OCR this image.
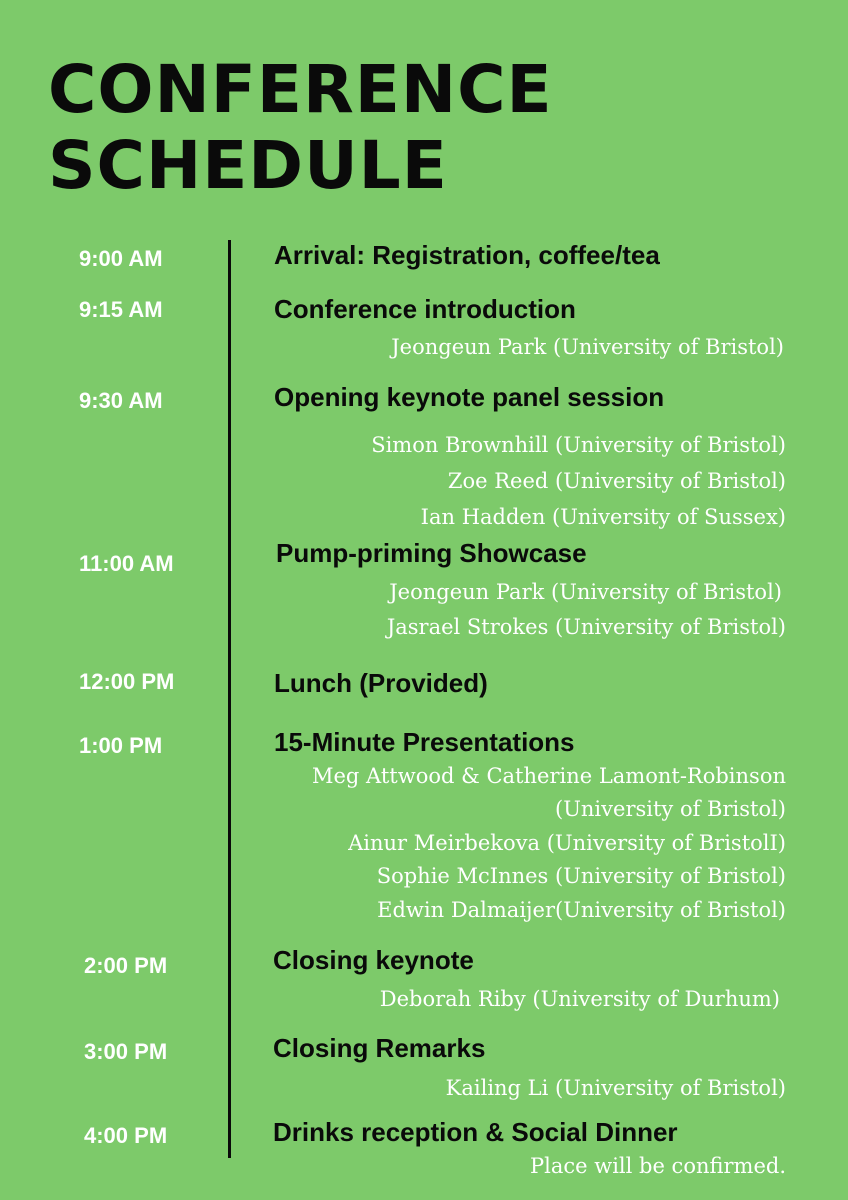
CONFERENCE
SCHEDULE
9:00 AM	Arrival: Registration, coffee/tea
9:15 AM	Conference introduction
Jeongeun Park (University of Bristol)
9:30 AM	Opening keynote panel session
Simon Brownhill (University of Bristol)
Zoe Reed (University of Bristol)
Ian Hadden (University of Sussex)
11:00 AM	Pump-priming Showcase
Jeongeun Park (University of Bristol)
Jasrael Strokes (University of Bristol)
12:00 PM	Lunch (Provided)
1:00 PM	15-Minute Presentations
Meg Attwood & Catherine Lamont-Robinson
(University of Bristol)
Ainur Meirbekova (University of BristolI)
Sophie McInnes (University of Bristol)
Edwin Dalmaijer(University of Bristol)
2:00 PM	Closing keynote
Deborah Riby (University of Durhum)
3:00 PM	Closing Remarks
Kailing Li (University of Bristol)
4:00 PM	Drinks reception & Social Dinner
Place will be confirmed.
